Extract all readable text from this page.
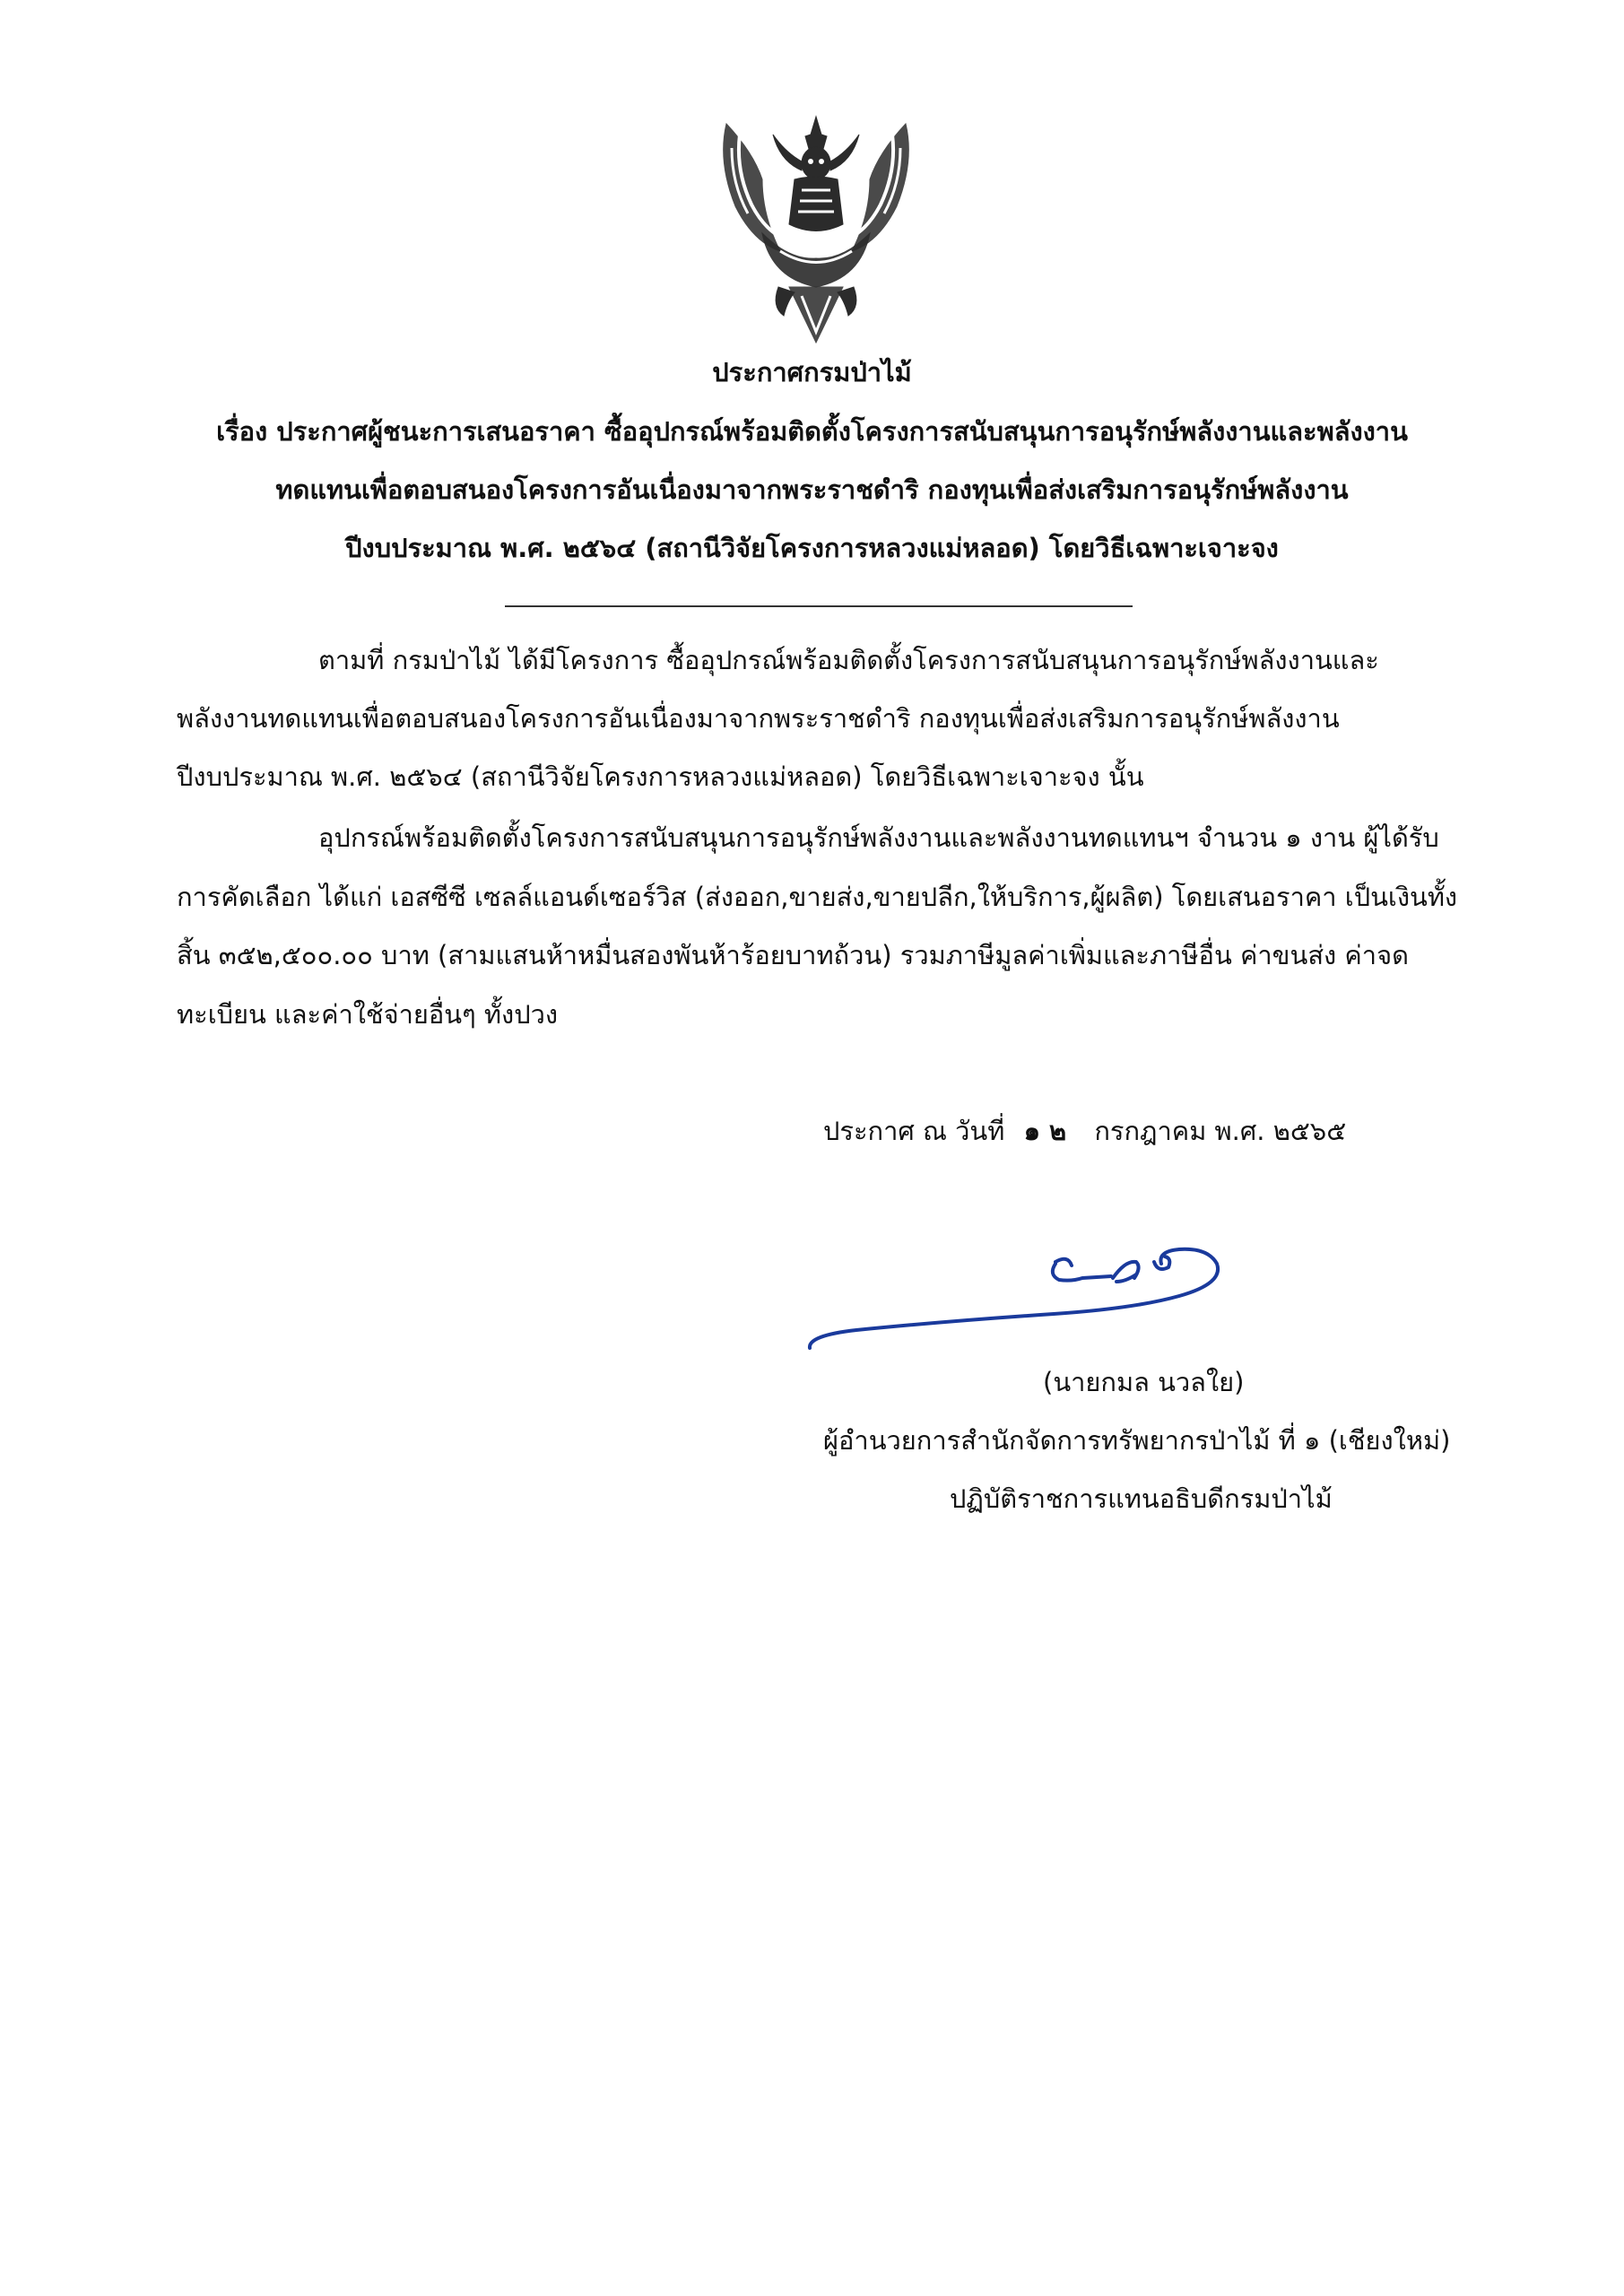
ประกาศกรมป่าไม้
เรื่อง ประกาศผู้ชนะการเสนอราคา ซื้ออุปกรณ์พร้อมติดตั้งโครงการสนับสนุนการอนุรักษ์พลังงานและพลังงาน
ทดแทนเพื่อตอบสนองโครงการอันเนื่องมาจากพระราชดำริ กองทุนเพื่อส่งเสริมการอนุรักษ์พลังงาน
ปีงบประมาณ พ.ศ. ๒๕๖๔ (สถานีวิจัยโครงการหลวงแม่หลอด) โดยวิธีเฉพาะเจาะจง
ตามที่ กรมป่าไม้ ได้มีโครงการ ซื้ออุปกรณ์พร้อมติดตั้งโครงการสนับสนุนการอนุรักษ์พลังงานและ
พลังงานทดแทนเพื่อตอบสนองโครงการอันเนื่องมาจากพระราชดำริ กองทุนเพื่อส่งเสริมการอนุรักษ์พลังงาน
ปีงบประมาณ พ.ศ. ๒๕๖๔ (สถานีวิจัยโครงการหลวงแม่หลอด) โดยวิธีเฉพาะเจาะจง นั้น
อุปกรณ์พร้อมติดตั้งโครงการสนับสนุนการอนุรักษ์พลังงานและพลังงานทดแทนฯ จำนวน ๑ งาน ผู้ได้รับ
การคัดเลือก ได้แก่ เอสซีซี เซลล์แอนด์เซอร์วิส (ส่งออก,ขายส่ง,ขายปลีก,ให้บริการ,ผู้ผลิต) โดยเสนอราคา เป็นเงินทั้ง
สิ้น ๓๕๒,๕๐๐.๐๐ บาท (สามแสนห้าหมื่นสองพันห้าร้อยบาทถ้วน) รวมภาษีมูลค่าเพิ่มและภาษีอื่น ค่าขนส่ง ค่าจด
ทะเบียน และค่าใช้จ่ายอื่นๆ ทั้งปวง
ประกาศ ณ วันที่ ๑๒ กรกฎาคม พ.ศ. ๒๕๖๕
(นายกมล นวลใย)
ผู้อำนวยการสำนักจัดการทรัพยากรป่าไม้ ที่ ๑ (เชียงใหม่)
ปฏิบัติราชการแทนอธิบดีกรมป่าไม้
